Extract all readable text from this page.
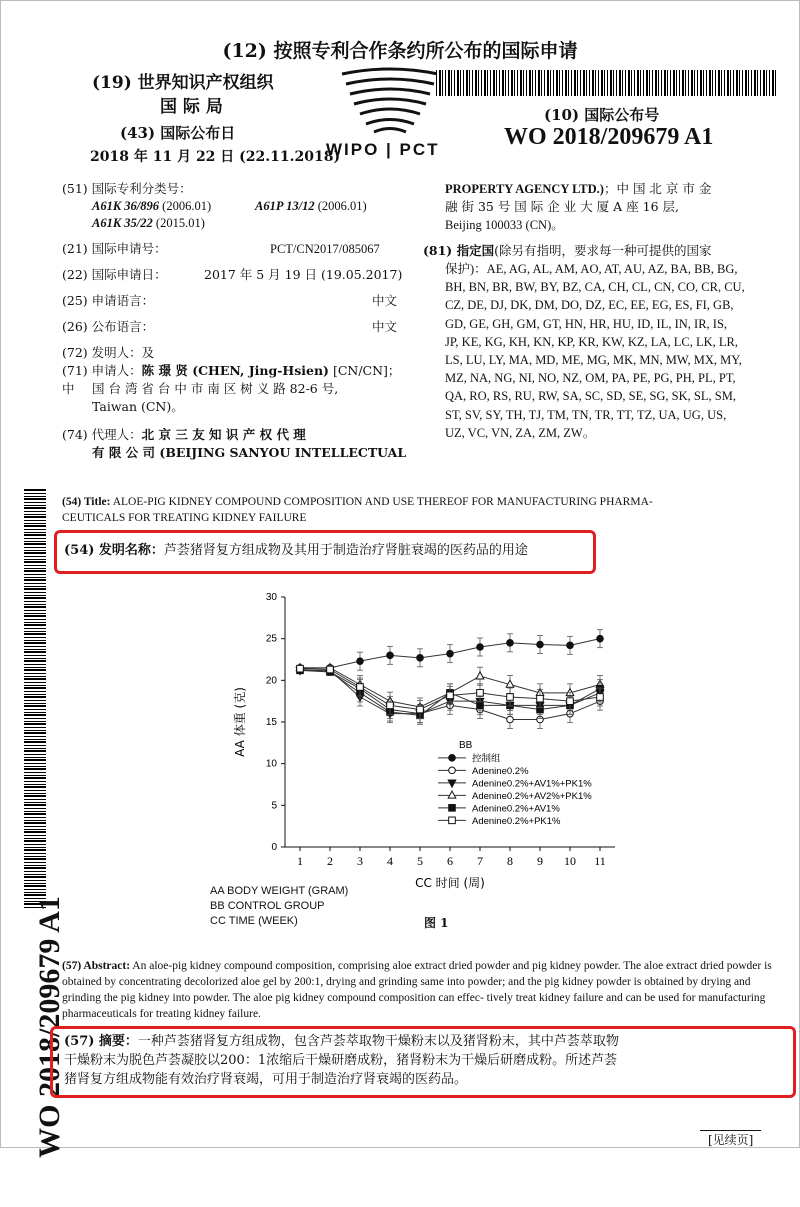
(12) 按照专利合作条约所公布的国际申请
(19) 世界知识产权组织
国 际 局
(43) 国际公布日
2018 年 11 月 22 日 (22.11.2018)
WIPO | PCT
(10) 国际公布号
WO 2018/209679 A1
(51) 国际专利分类号：
A61K 36/896 (2006.01)	A61P 13/12 (2006.01)
A61K 35/22 (2015.01)
(21) 国际申请号：	PCT/CN2017/085067
(22) 国际申请日：	2017 年 5 月 19 日 (19.05.2017)
(25) 申请语言：	中文
(26) 公布语言：	中文
(72) 发明人：及
(71) 申请人：陈 璟 贤 (CHEN, Jing-Hsien) [CN/CN]；中	国 台 湾 省 台 中 市 南 区 树 义 路 82-6 号,
Taiwan (CN)。
(74) 代理人：北 京 三 友 知 识 产 权 代 理
有 限 公 司 (BEIJING SANYOU INTELLECTUAL
PROPERTY AGENCY LTD.)；中 国 北 京 市 金
融 街 35 号 国 际 企 业 大 厦 A 座 16 层,
Beijing 100033 (CN)。
(81) 指定国(除另有指明，要求每一种可提供的国家
保护)：AE, AG, AL, AM, AO, AT, AU, AZ, BA, BB, BG,
BH, BN, BR, BW, BY, BZ, CA, CH, CL, CN, CO, CR, CU,
CZ, DE, DJ, DK, DM, DO, DZ, EC, EE, EG, ES, FI, GB,
GD, GE, GH, GM, GT, HN, HR, HU, ID, IL, IN, IR, IS,
JP, KE, KG, KH, KN, KP, KR, KW, KZ, LA, LC, LK, LR,
LS, LU, LY, MA, MD, ME, MG, MK, MN, MW, MX, MY,
MZ, NA, NG, NI, NO, NZ, OM, PA, PE, PG, PH, PL, PT,
QA, RO, RS, RU, RW, SA, SC, SD, SE, SG, SK, SL, SM,
ST, SV, SY, TH, TJ, TM, TN, TR, TT, TZ, UA, UG, US,
UZ, VC, VN, ZA, ZM, ZW。
WO 2018/209679 A1
(54) Title: ALOE-PIG KIDNEY COMPOUND COMPOSITION AND USE THEREOF FOR MANUFACTURING PHARMA-
CEUTICALS FOR TREATING KIDNEY FAILURE
(54) 发明名称：芦荟猪肾复方组成物及其用于制造治疗肾脏衰竭的医药品的用途
0
5
10
15
20
25
30
1 2 3 4 5 6 7 8 9 10 11
AA 体重 (克)
CC 时间 (周)
BB
控制组
Adenine0.2%
Adenine0.2%+AV1%+PK1%
Adenine0.2%+AV2%+PK1%
Adenine0.2%+AV1%
Adenine0.2%+PK1%
AA BODY WEIGHT (GRAM)
BB CONTROL GROUP
CC TIME (WEEK)	图 1
(57) Abstract: An aloe-pig kidney compound composition, comprising aloe extract dried powder and pig kidney powder. The aloe extract dried powder is obtained by concentrating decolorized aloe gel by 200:1, drying and grinding same into powder; and the pig kidney powder is obtained by drying and grinding the pig kidney into powder. The aloe pig kidney compound composition can effec- tively treat kidney failure and can be used for manufacturing pharmaceuticals for treating kidney failure.
(57) 摘要：一种芦荟猪肾复方组成物，包含芦荟萃取物干燥粉末以及猪肾粉末，其中芦荟萃取物
干燥粉末为脱色芦荟凝胶以200：1浓缩后干燥研磨成粉，猪肾粉末为干燥后研磨成粉。所述芦荟
猪肾复方组成物能有效治疗肾衰竭，可用于制造治疗肾衰竭的医药品。
[见续页]
